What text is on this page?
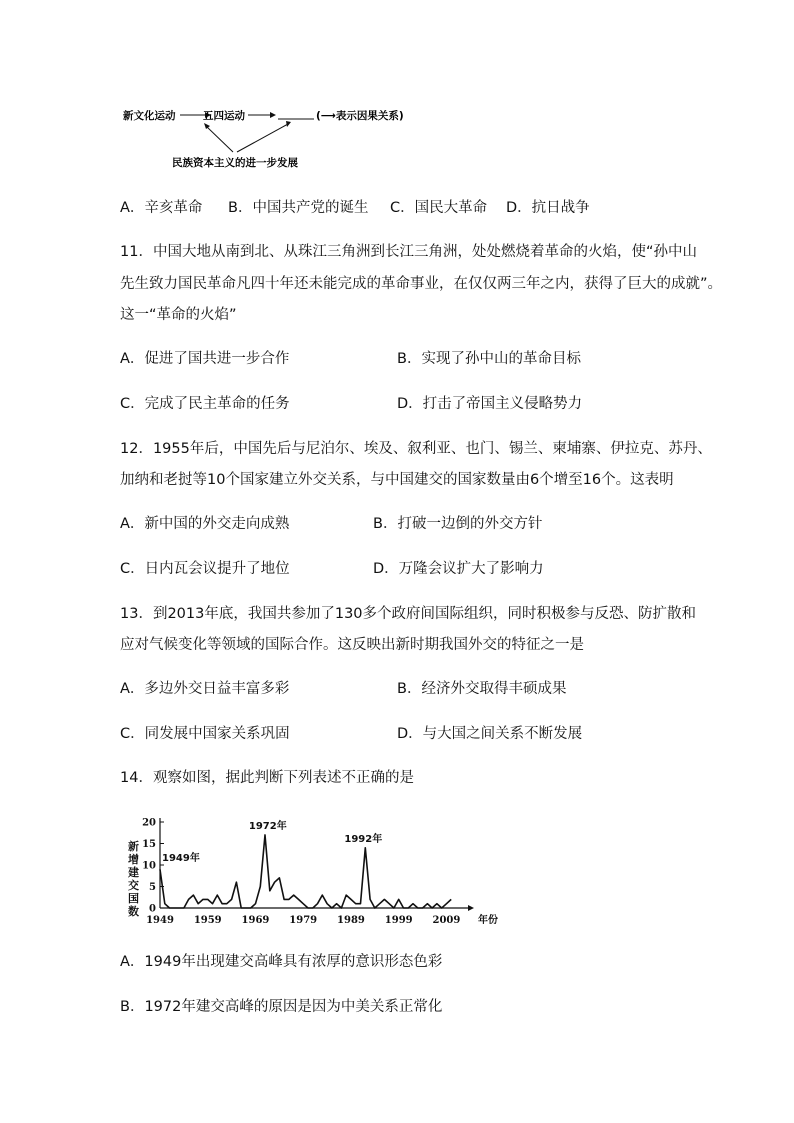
新文化运动	五四运动	(⟶表示因果关系)
民族资本主义的进一步发展
A．辛亥革命 B．中国共产党的诞生 C．国民大革命 D．抗日战争
11．中国大地从南到北、从珠江三角洲到长江三角洲，处处燃烧着革命的火焰，使“孙中山
先生致力国民革命凡四十年还未能完成的革命事业，在仅仅两三年之内，获得了巨大的成就”。
这一“革命的火焰”
A．促进了国共进一步合作	B．实现了孙中山的革命目标
C．完成了民主革命的任务	D．打击了帝国主义侵略势力
12．1955年后，中国先后与尼泊尔、埃及、叙利亚、也门、锡兰、柬埔寨、伊拉克、苏丹、
加纳和老挝等10个国家建立外交关系，与中国建交的国家数量由6个增至16个。这表明
A．新中国的外交走向成熟	B．打破一边倒的外交方针
C．日内瓦会议提升了地位	D．万隆会议扩大了影响力
13．到2013年底，我国共参加了130多个政府间国际组织，同时积极参与反恐、防扩散和
应对气候变化等领域的国际合作。这反映出新时期我国外交的特征之一是
A．多边外交日益丰富多彩	B．经济外交取得丰硕成果
C．同发展中国家关系巩固	D．与大国之间关系不断发展
14．观察如图，据此判断下列表述不正确的是
0
5
10
15
20
1949 1959 1969 1979 1989 1999 2009 年份
新
增
建
交
国
数
1949年
1972年
1992年
A．1949年出现建交高峰具有浓厚的意识形态色彩
B．1972年建交高峰的原因是因为中美关系正常化
